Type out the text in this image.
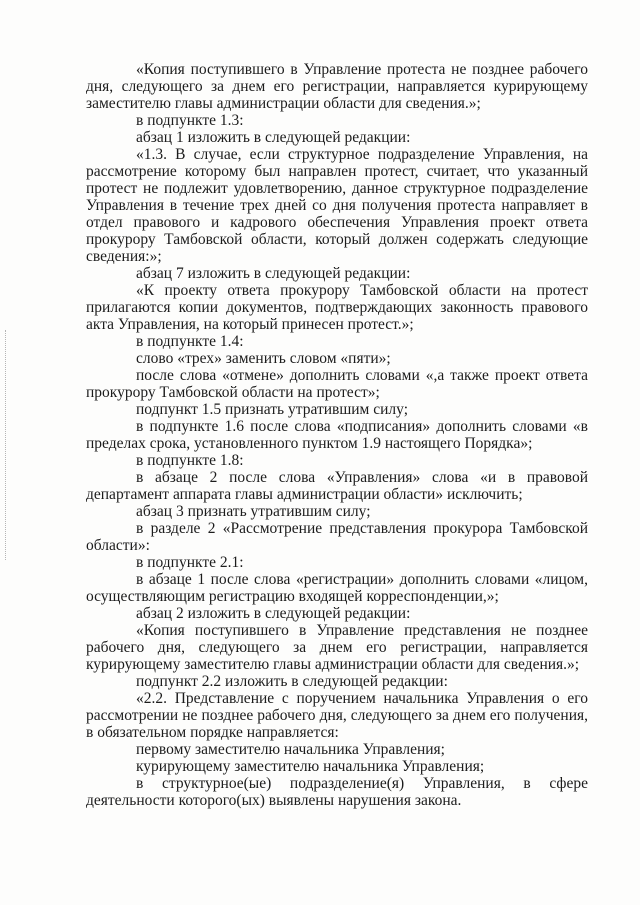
«Копия поступившего в Управление протеста не позднее рабочего дня, следующего за днем его регистрации, направляется курирующему заместителю главы администрации области для сведения.»;

в подпункте 1.3:

абзац 1 изложить в следующей редакции:

«1.3. В случае, если структурное подразделение Управления, на рассмотрение которому был направлен протест, считает, что указанный протест не подлежит удовлетворению, данное структурное подразделение Управления в течение трех дней со дня получения протеста направляет в отдел правового и кадрового обеспечения Управления проект ответа прокурору Тамбовской области, который должен содержать следующие сведения:»;

абзац 7 изложить в следующей редакции:

«К проекту ответа прокурору Тамбовской области на протест прилагаются копии документов, подтверждающих законность правового акта Управления, на который принесен протест.»;

в подпункте 1.4:

слово «трех» заменить словом «пяти»;

после слова «отмене» дополнить словами «,а также проект ответа прокурору Тамбовской области на протест»;

подпункт 1.5 признать утратившим силу;

в подпункте 1.6 после слова «подписания» дополнить словами «в пределах срока, установленного пунктом 1.9 настоящего Порядка»;

в подпункте 1.8:

в абзаце 2 после слова «Управления» слова «и в правовой департамент аппарата главы администрации области» исключить;

абзац 3 признать утратившим силу;

в разделе 2 «Рассмотрение представления прокурора Тамбовской области»:

в подпункте 2.1:

в абзаце 1 после слова «регистрации» дополнить словами «лицом, осуществляющим регистрацию входящей корреспонденции,»;

абзац 2 изложить в следующей редакции:

«Копия поступившего в Управление представления не позднее рабочего дня, следующего за днем его регистрации, направляется курирующему заместителю главы администрации области для сведения.»;

подпункт 2.2 изложить в следующей редакции:

«2.2. Представление с поручением начальника Управления о его рассмотрении не позднее рабочего дня, следующего за днем его получения, в обязательном порядке направляется:

первому заместителю начальника Управления;

курирующему заместителю начальника Управления;

в структурное(ые) подразделение(я) Управления, в сфере деятельности которого(ых) выявлены нарушения закона.
